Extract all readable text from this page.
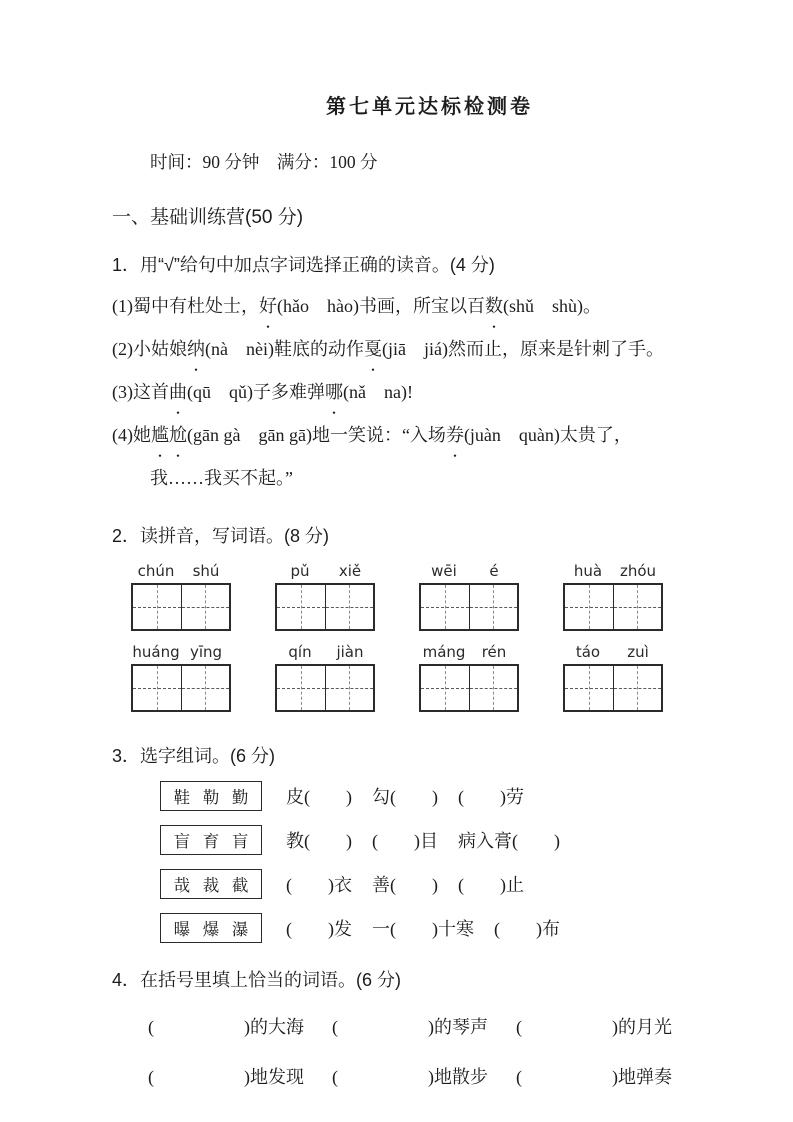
第七单元达标检测卷
时间：90 分钟　满分：100 分
一、基础训练营(50 分)
1．用“√”给句中加点字词选择正确的读音。(4 分)
(1)蜀中有杜处士，好(hǎo　hào)书画，所宝以百数(shǔ　shù)。
(2)小姑娘纳(nà　nèi)鞋底的动作戛(jiā　jiá)然而止，原来是针刺了手。
(3)这首曲(qū　qǔ)子多难弹哪(nǎ　na)!
(4)她尴尬(gān gà　gān gā)地一笑说：“入场券(juàn　quàn)太贵了，
我……我买不起。”
2．读拼音，写词语。(8 分)
chún	shú	pǔ	xiě	wēi	é	huà	zhóu
huáng yīng	qín	jiàn	máng	rén	táo	zuì
3．选字组词。(6 分)
鞋 勒 勤 皮(　　) 勾(　　) (　　)劳
盲 育 肓 教(　　) (　　)目 病入膏(　　)
哉 裁 截 (　　)衣 善(　　) (　　)止
曝 爆 瀑 (　　)发 一(　　)十寒 (　　)布
4．在括号里填上恰当的词语。(6 分)
(　　　　　)的大海 (　　　　　)的琴声 (　　　　　)的月光
(　　　　　)地发现 (　　　　　)地散步 (　　　　　)地弹奏
